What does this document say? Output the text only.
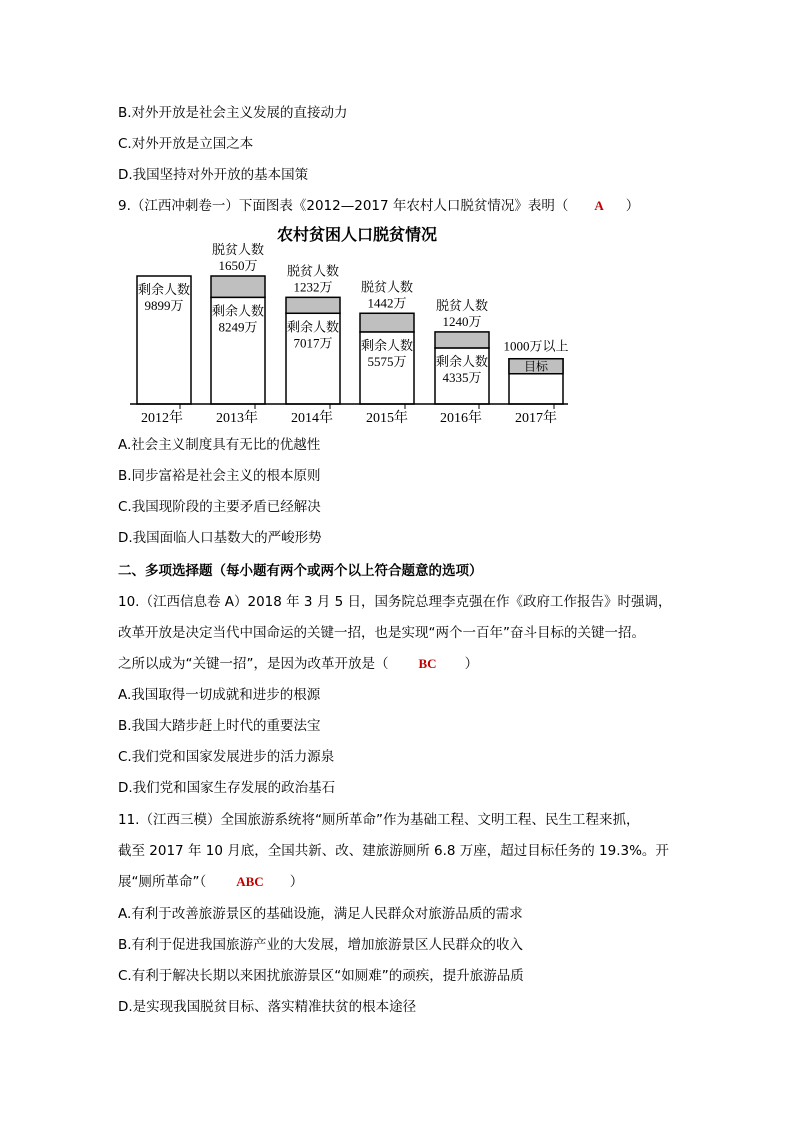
B.对外开放是社会主义发展的直接动力
C.对外开放是立国之本
D.我国坚持对外开放的基本国策
9.（江西冲刺卷一）下面图表《2012—2017 年农村人口脱贫情况》表明（ A ）
农村贫困人口脱贫情况
剩余人数 9899万
2012年
剩余人数 8249万
脱贫人数 1650万
2013年
剩余人数 7017万
脱贫人数 1232万
2014年
剩余人数 5575万
脱贫人数 1442万
2015年
剩余人数 4335万
脱贫人数 1240万
2016年
目标
1000万以上
2017年
A.社会主义制度具有无比的优越性
B.同步富裕是社会主义的根本原则
C.我国现阶段的主要矛盾已经解决
D.我国面临人口基数大的严峻形势
二、多项选择题（每小题有两个或两个以上符合题意的选项）
10.（江西信息卷 A）2018 年 3 月 5 日，国务院总理李克强在作《政府工作报告》时强调，
改革开放是决定当代中国命运的关键一招，也是实现“两个一百年”奋斗目标的关键一招。
之所以成为“关键一招”，是因为改革开放是（ BC ）
A.我国取得一切成就和进步的根源
B.我国大踏步赶上时代的重要法宝
C.我们党和国家发展进步的活力源泉
D.我们党和国家生存发展的政治基石
11.（江西三模）全国旅游系统将“厕所革命”作为基础工程、文明工程、民生工程来抓，
截至 2017 年 10 月底，全国共新、改、建旅游厕所 6.8 万座，超过目标任务的 19.3%。开
展“厕所革命”（ ABC ）
A.有利于改善旅游景区的基础设施，满足人民群众对旅游品质的需求
B.有利于促进我国旅游产业的大发展，增加旅游景区人民群众的收入
C.有利于解决长期以来困扰旅游景区“如厕难”的顽疾，提升旅游品质
D.是实现我国脱贫目标、落实精准扶贫的根本途径
